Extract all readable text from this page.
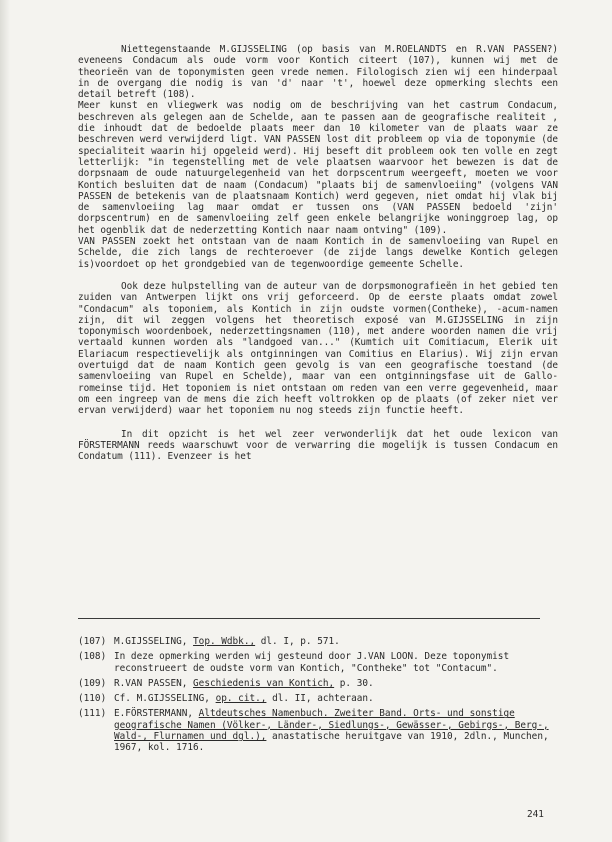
Niettegenstaande M.GIJSSELING (op basis van M.ROELANDTS en R.VAN PASSEN?) eveneens Condacum als oude vorm voor Kontich citeert (107), kunnen wij met de theorieën van de toponymisten geen vrede nemen. Filologisch zien wij een hinderpaal in de overgang die nodig is van 'd' naar 't', hoewel deze opmerking slechts een detail betreft (108).

Meer kunst en vliegwerk was nodig om de beschrijving van het castrum Condacum, beschreven als gelegen aan de Schelde, aan te passen aan de geografische realiteit , die inhoudt dat de bedoelde plaats meer dan 10 kilometer van de plaats waar ze beschreven werd verwijderd ligt. VAN PASSEN lost dit probleem op via de toponymie (de specialiteit waarin hij opgeleid werd). Hij beseft dit probleem ook ten volle en zegt letterlijk: "in tegenstelling met de vele plaatsen waarvoor het bewezen is dat de dorpsnaam de oude natuurgelegenheid van het dorpscentrum weergeeft, moeten we voor Kontich besluiten dat de naam (Condacum) "plaats bij de samenvloeiing" (volgens VAN PASSEN de betekenis van de plaatsnaam Kontich) werd gegeven, niet omdat hij vlak bij de samenvloeiing lag maar omdat er tussen ons (VAN PASSEN bedoeld 'zijn' dorpscentrum) en de samenvloeiing zelf geen enkele belangrijke woninggroep lag, op het ogenblik dat de nederzetting Kontich naar naam ontving" (109).

VAN PASSEN zoekt het ontstaan van de naam Kontich in de samenvloeiing van Rupel en Schelde, die zich langs de rechteroever (de zijde langs dewelke Kontich gelegen is)voordoet op het grondgebied van de tegenwoordige gemeente Schelle.

Ook deze hulpstelling van de auteur van de dorpsmonografieën in het gebied ten zuiden van Antwerpen lijkt ons vrij geforceerd. Op de eerste plaats omdat zowel "Condacum" als toponiem, als Kontich in zijn oudste vormen(Contheke), -acum-namen zijn, dit wil zeggen volgens het theoretisch exposé van M.GIJSSELING in zijn toponymisch woordenboek, nederzettingsnamen (110), met andere woorden namen die vrij vertaald kunnen worden als "landgoed van..." (Kumtich uit Comitiacum, Elerik uit Elariacum respectievelijk als ontginningen van Comitius en Elarius). Wij zijn ervan overtuigd dat de naam Kontich geen gevolg is van een geografische toestand (de samenvloeiing van Rupel en Schelde), maar van een ontginningsfase uit de Gallo-romeinse tijd. Het toponiem is niet ontstaan om reden van een verre gegevenheid, maar om een ingreep van de mens die zich heeft voltrokken op de plaats (of zeker niet ver ervan verwijderd) waar het toponiem nu nog steeds zijn functie heeft.

In dit opzicht is het wel zeer verwonderlijk dat het oude lexicon van FÖRSTERMANN reeds waarschuwt voor de verwarring die mogelijk is tussen Condacum en Condatum (111). Evenzeer is het

(107) M.GIJSSELING, Top. Wdbk., dl. I, p. 571.
(108) In deze opmerking werden wij gesteund door J.VAN LOON. Deze toponymist reconstrueert de oudste vorm van Kontich, "Contheke" tot "Contacum".
(109) R.VAN PASSEN, Geschiedenis van Kontich, p. 30.
(110) Cf. M.GIJSSELING, op. cit., dl. II, achteraan.
(111) E.FÖRSTERMANN, Altdeutsches Namenbuch. Zweiter Band. Orts- und sonstige geografische Namen (Völker-, Länder-, Siedlungs-, Gewässer-, Gebirgs-, Berg-, Wald-, Flurnamen und dgl.), anastatische heruitgave van 1910, 2dln., Munchen, 1967, kol. 1716.
241
